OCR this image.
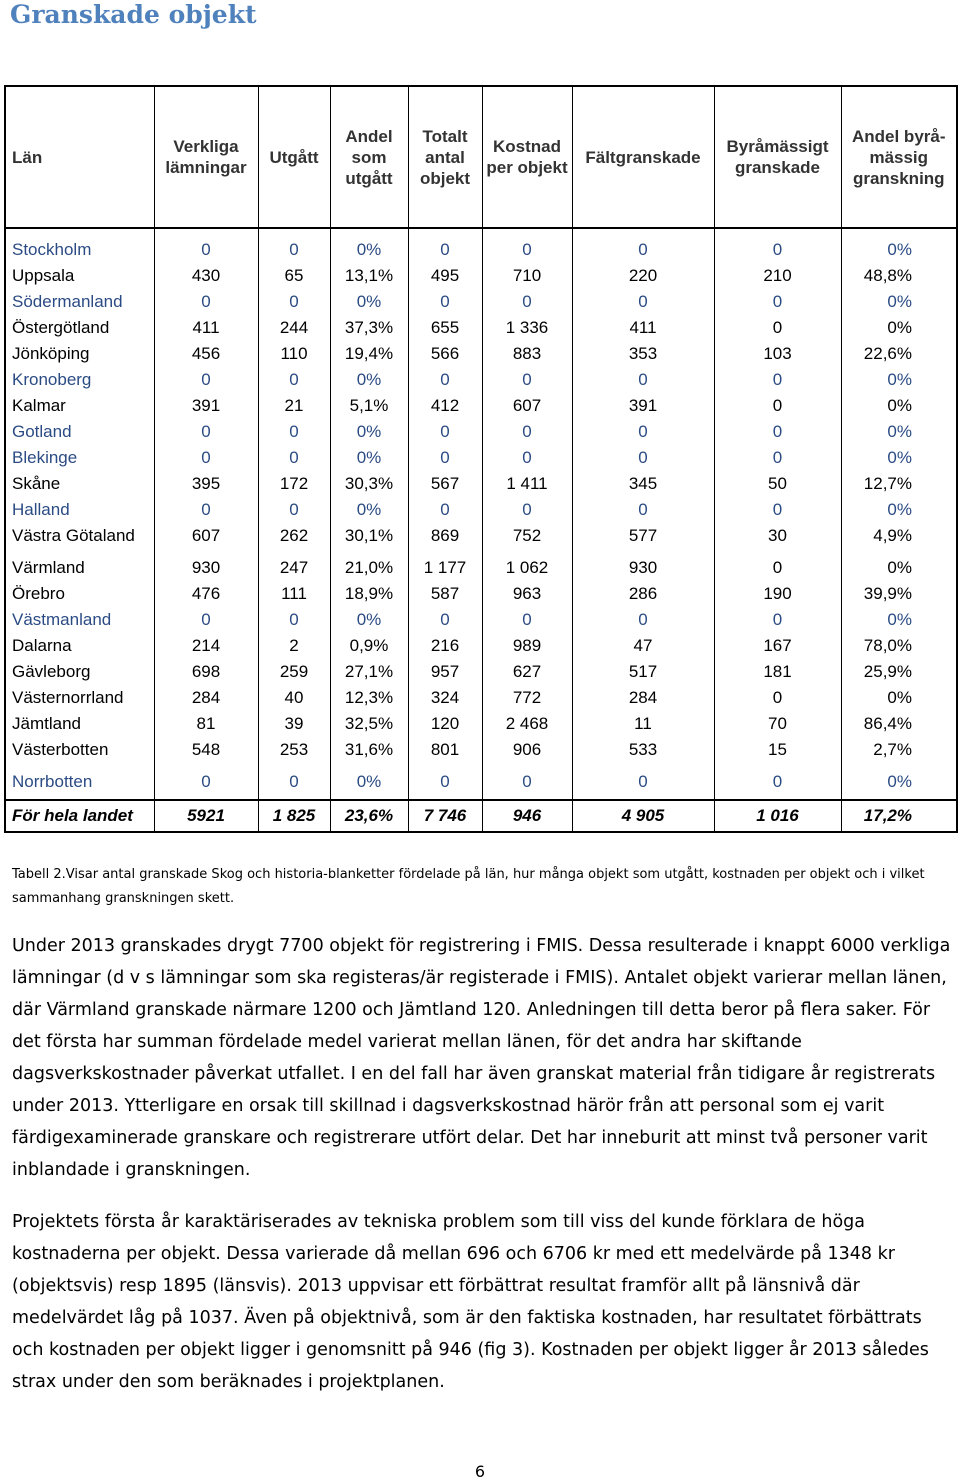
Granskade objekt
Län	Verkliga lämningar	Utgått	Andel som utgått	Totalt antal objekt	Kostnad per objekt	Fältgranskade	Byråmässigt granskade	Andel byrå-mässig granskning

Stockholm	0	0	0%	0	0	0	0	0%
Uppsala	430	65	13,1%	495	710	220	210	48,8%
Södermanland	0	0	0%	0	0	0	0	0%
Östergötland	411	244	37,3%	655	1 336	411	0	0%
Jönköping	456	110	19,4%	566	883	353	103	22,6%
Kronoberg	0	0	0%	0	0	0	0	0%
Kalmar	391	21	5,1%	412	607	391	0	0%
Gotland	0	0	0%	0	0	0	0	0%
Blekinge	0	0	0%	0	0	0	0	0%
Skåne	395	172	30,3%	567	1 411	345	50	12,7%
Halland	0	0	0%	0	0	0	0	0%
Västra Götaland	607	262	30,1%	869	752	577	30	4,9%
Värmland	930	247	21,0%	1 177	1 062	930	0	0%
Örebro	476	111	18,9%	587	963	286	190	39,9%
Västmanland	0	0	0%	0	0	0	0	0%
Dalarna	214	2	0,9%	216	989	47	167	78,0%
Gävleborg	698	259	27,1%	957	627	517	181	25,9%
Västernorrland	284	40	12,3%	324	772	284	0	0%
Jämtland	81	39	32,5%	120	2 468	11	70	86,4%
Västerbotten	548	253	31,6%	801	906	533	15	2,7%
Norrbotten	0	0	0%	0	0	0	0	0%
För hela landet	5921	1 825	23,6%	7 746	946	4 905	1 016	17,2%

Tabell 2.Visar antal granskade Skog och historia-blanketter fördelade på län, hur många objekt som utgått, kostnaden per objekt och i vilket sammanhang granskningen skett.

Under 2013 granskades drygt 7700 objekt för registrering i FMIS. Dessa resulterade i knappt 6000 verkliga lämningar (d v s lämningar som ska registeras/är registerade i FMIS). Antalet objekt varierar mellan länen, där Värmland granskade närmare 1200 och Jämtland 120. Anledningen till detta beror på flera saker. För det första har summan fördelade medel varierat mellan länen, för det andra har skiftande dagsverkskostnader påverkat utfallet. I en del fall har även granskat material från tidigare år registrerats under 2013. Ytterligare en orsak till skillnad i dagsverkskostnad härör från att personal som ej varit färdigexaminerade granskare och registrerare utfört delar. Det har inneburit att minst två personer varit inblandade i granskningen.

Projektets första år karaktäriserades av tekniska problem som till viss del kunde förklara de höga kostnaderna per objekt. Dessa varierade då mellan 696 och 6706 kr med ett medelvärde på 1348 kr (objektsvis) resp 1895 (länsvis). 2013 uppvisar ett förbättrat resultat framför allt på länsnivå där medelvärdet låg på 1037. Även på objektnivå, som är den faktiska kostnaden, har resultatet förbättrats och kostnaden per objekt ligger i genomsnitt på 946 (fig 3). Kostnaden per objekt ligger år 2013 således strax under den som beräknades i projektplanen.

6
